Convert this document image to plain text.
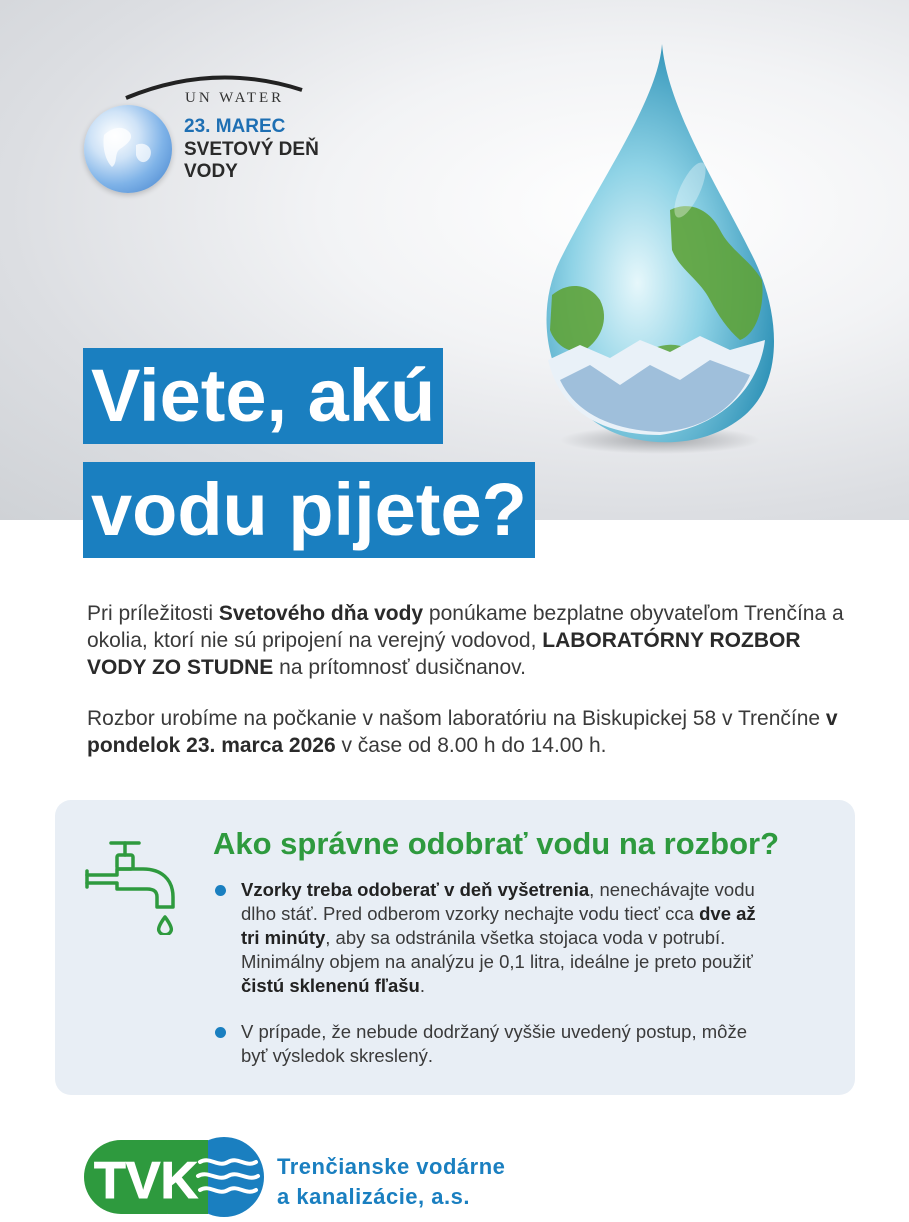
UN WATER
23. MAREC
SVETOVÝ DEŇ
VODY
Viete, akú
vodu pijete?

Pri príležitosti Svetového dňa vody ponúkame bezplatne obyvateľom Trenčína a okolia, ktorí nie sú pripojení na verejný vodovod, LABORATÓRNY ROZBOR VODY ZO STUDNE na prítomnosť dusičnanov.

Rozbor urobíme na počkanie v našom laboratóriu na Biskupickej 58 v Trenčíne v pondelok 23. marca 2026 v čase od 8.00 h do 14.00 h.

Ako správne odobrať vodu na rozbor?
Vzorky treba odoberať v deň vyšetrenia, nenechávajte vodu dlho stáť. Pred odberom vzorky nechajte vodu tiecť cca dve až tri minúty, aby sa odstránila všetka stojaca voda v potrubí. Minimálny objem na analýzu je 0,1 litra, ideálne je preto použiť čistú sklenenú fľašu.
V prípade, že nebude dodržaný vyššie uvedený postup, môže byť výsledok skreslený.
TVK	Trenčianske vodárne
a kanalizácie, a.s.
